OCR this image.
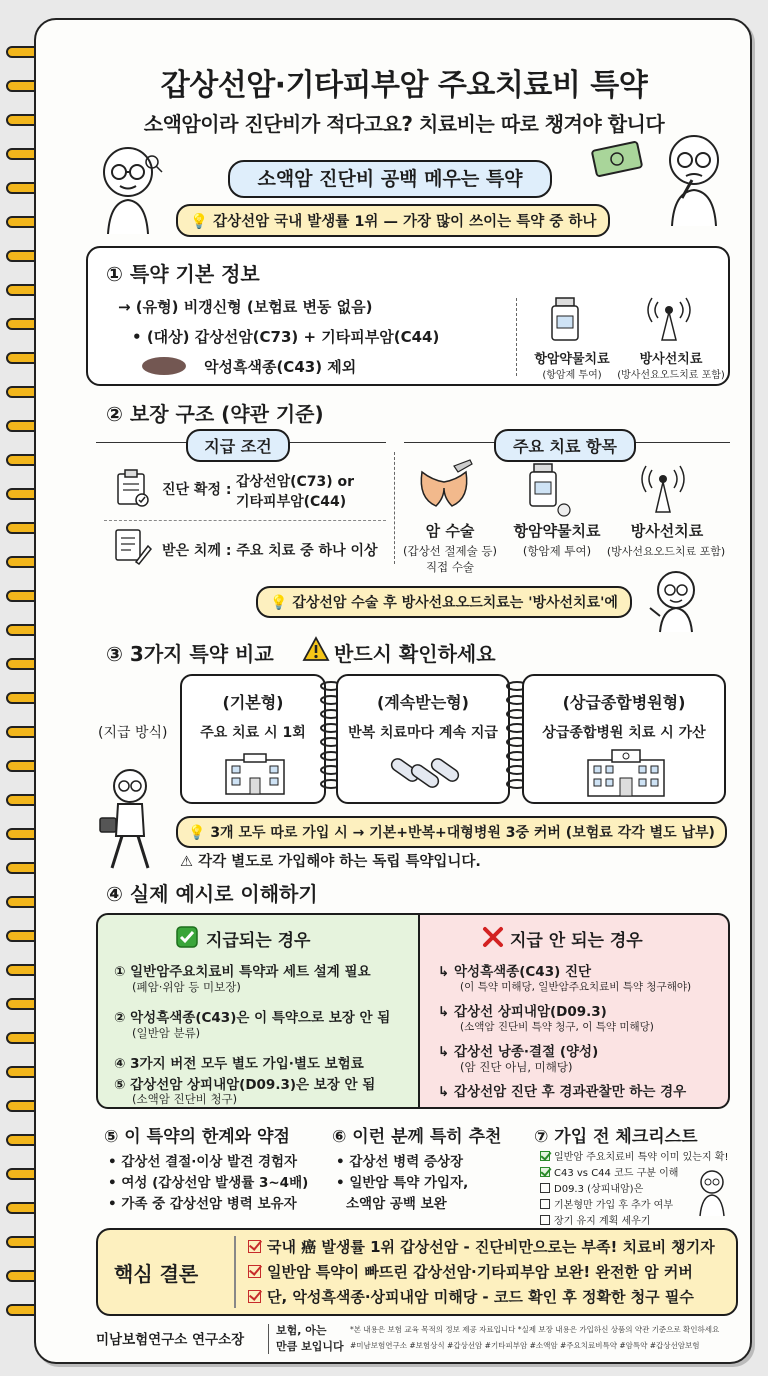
갑상선암·기타피부암 주요치료비 특약
소액암이라 진단비가 적다고요? 치료비는 따로 챙겨야 합니다
소액암 진단비 공백 메우는 특약
💡 갑상선암 국내 발생률 1위 — 가장 많이 쓰이는 특약 중 하나
① 특약 기본 정보
→ (유형) 비갱신형 (보험료 변동 없음)
• (대상) 갑상선암(C73) + 기타피부암(C44)
악성흑색종(C43) 제외	항암약물치료
(항암제 투여)
방사선치료
(방사선요오드치료 포함)
② 보장 구조 (약관 기준)
지급 조건	주요 치료 항목
진단 확정 : 갑상선암(C73) or
기타피부암(C44)
받은 치께 : 주요 치료 중 하나 이상
암 수술
(갑상선 절제술 등)
직접 수술
항암약물치료
(항암제 투여)
방사선치료
(방사선요오드치료 포함)
💡 갑상선암 수술 후 방사선요오드치료는 '방사선치료'에
③ 3가지 특약 비교	반드시 확인하세요
(지급 방식)
(기본형)
주요 치료 시 1회
(계속받는형)
반복 치료마다 계속 지급
(상급종합병원형)
상급종합병원 치료 시 가산
💡 3개 모두 따로 가입 시 → 기본+반복+대형병원 3중 커버 (보험료 각각 별도 납부)
⚠ 각각 별도로 가입해야 하는 독립 특약입니다.
④ 실제 예시로 이해하기
지급되는 경우
① 일반암주요치료비 특약과 세트 설계 필요
(폐암·위암 등 미보장)
② 악성흑색종(C43)은 이 특약으로 보장 안 됨
(일반암 분류)
④ 3가지 버전 모두 별도 가입·별도 보험료
⑤ 갑상선암 상피내암(D09.3)은 보장 안 됨
(소액암 진단비 청구)
지급 안 되는 경우
↳ 악성흑색종(C43) 진단
(이 특약 미해당, 일반암주요치료비 특약 청구해야)
↳ 갑상선 상피내암(D09.3)
(소액암 진단비 특약 청구, 이 특약 미해당)
↳ 갑상선 낭종·결절 (양성)
(암 진단 아님, 미해당)
↳ 갑상선암 진단 후 경과관찰만 하는 경우
⑤ 이 특약의 한계와 약점
• 갑상선 결절·이상 발견 경험자
• 여성 (갑상선암 발생률 3~4배)
• 가족 중 갑상선암 병력 보유자
⑥ 이런 분께 특히 추천
• 갑상선 병력 증상장
• 일반암 특약 가입자,
소액암 공백 보완
⑦ 가입 전 체크리스트
일반암 주요치료비 특약 이미 있는지 확!
C43 vs C44 코드 구분 이해
D09.3 (상피내암)은
기본형만 가입 후 추가 여부
장기 유지 계획 세우기
핵심 결론
국내 癌 발생률 1위 갑상선암 - 진단비만으로는 부족! 치료비 챙기자
일반암 특약이 빠뜨린 갑상선암·기타피부암 보완! 완전한 암 커버
단, 악성흑색종·상피내암 미해당 - 코드 확인 후 정확한 청구 필수
미남보험연구소 연구소장
보험, 아는
만큼 보입니다
*본 내용은 보험 교육 목적의 정보 제공 자료입니다 *실제 보장 내용은 가입하신 상품의 약관 기준으로 확인하세요
#미남보험연구소 #보험상식 #갑상선암 #기타피부암 #소액암 #주요치료비특약 #암특약 #갑상선암보험
